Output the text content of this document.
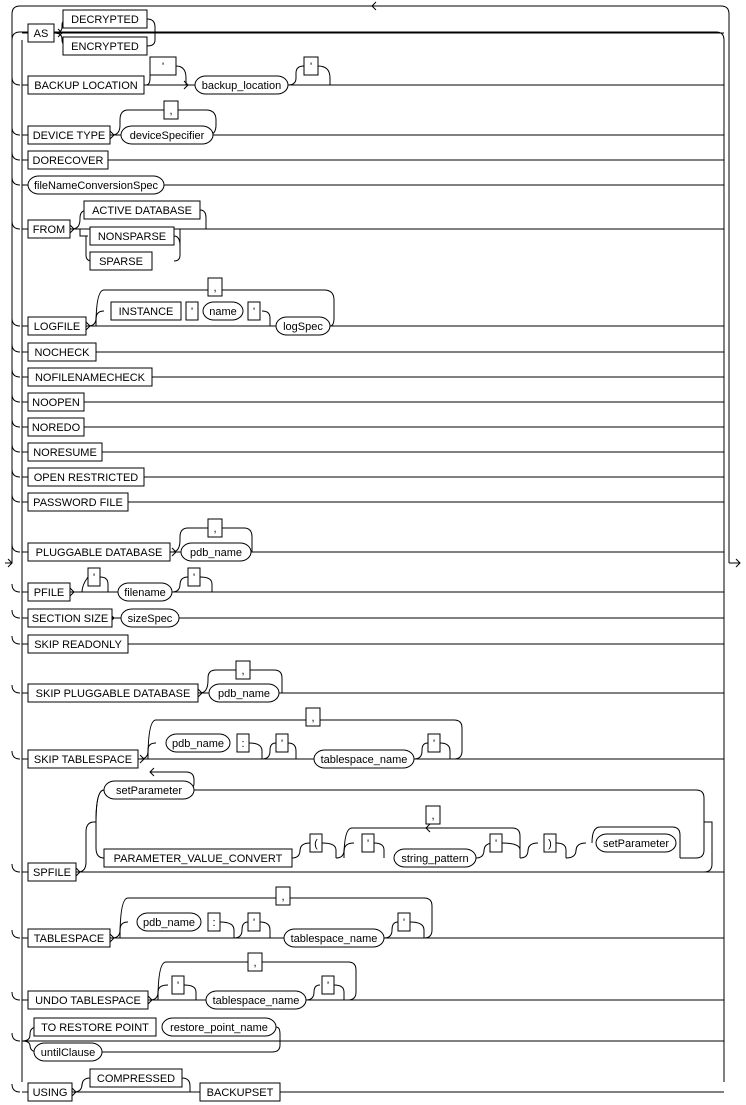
DORECOVER
fileNameConversionSpec
NOCHECK
NOFILENAMECHECK
NOOPEN
NOREDO
NORESUME
OPEN RESTRICTED
PASSWORD FILE
SKIP READONLY
AS
DECRYPTED
ENCRYPTED
BACKUP LOCATION
'
backup_location
'
DEVICE TYPE deviceSpecifier
,
FROM
ACTIVE DATABASE
NONSPARSE
SPARSE
LOGFILE
INSTANCE ' name '
logSpec
,
PLUGGABLE DATABASE	pdb_name
,
PFILE
'
filename
'
SECTION SIZE sizeSpec
SKIP PLUGGABLE DATABASE	pdb_name
,
SKIP TABLESPACE
pdb_name :	'
tablespace_name
'
,
SPFILE
setParameter
PARAMETER_VALUE_CONVERT
(	'
string_pattern
'
,
)	setParameter
TABLESPACE
pdb_name :	'
tablespace_name
'
,
UNDO TABLESPACE
'
tablespace_name
'
,
TO RESTORE POINT restore_point_name
untilClause
USING
COMPRESSED
BACKUPSET
